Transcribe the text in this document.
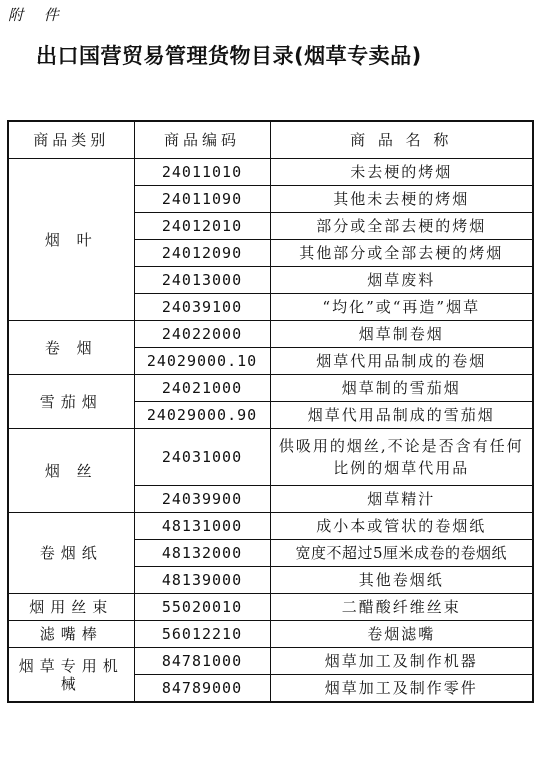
附 件
出口国营贸易管理货物目录(烟草专卖品)
商品类别	商品编码	商 品 名 称
烟 叶	24011010	未去梗的烤烟
	24011090	其他未去梗的烤烟
	24012010	部分或全部去梗的烤烟
	24012090	其他部分或全部去梗的烤烟
	24013000	烟草废料
	24039100	“均化”或“再造”烟草
卷 烟	24022000	烟草制卷烟
	24029000.10	烟草代用品制成的卷烟
雪茄烟	24021000	烟草制的雪茄烟
	24029000.90	烟草代用品制成的雪茄烟
烟 丝	24031000	供吸用的烟丝,不论是否含有任何比例的烟草代用品
	24039900	烟草精汁
卷烟纸	48131000	成小本或管状的卷烟纸
	48132000	宽度不超过5厘米成卷的卷烟纸
	48139000	其他卷烟纸
烟用丝束	55020010	二醋酸纤维丝束
滤嘴棒	56012210	卷烟滤嘴
烟草专用机械	84781000	烟草加工及制作机器
	84789000	烟草加工及制作零件
